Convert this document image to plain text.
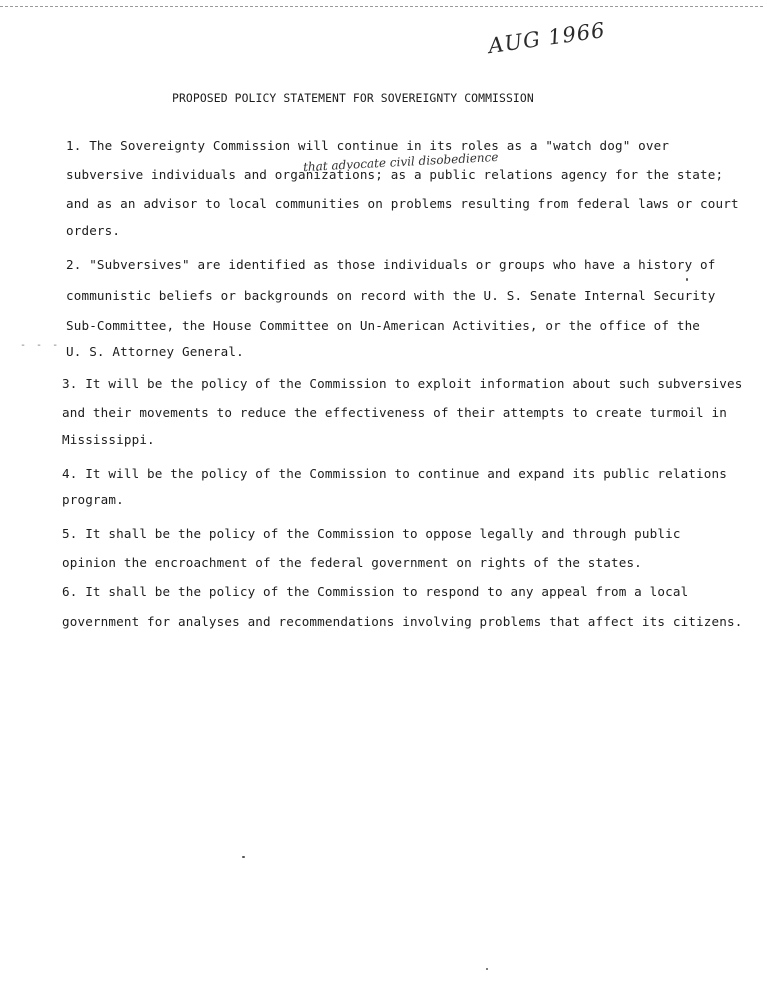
AUG 1966
PROPOSED POLICY STATEMENT FOR SOVEREIGNTY COMMISSION
that advocate civil disobedience
1. The Sovereignty Commission will continue in its roles as a "watch dog" over
subversive individuals and organizations; as a public relations agency for the state;
and as an advisor to local communities on problems resulting from federal laws or court
orders.
2. "Subversives" are identified as those individuals or groups who have a history of
communistic beliefs or backgrounds on record with the U. S. Senate Internal Security
Sub-Committee, the House Committee on Un-American Activities, or the office of the
U. S. Attorney General.
3. It will be the policy of the Commission to exploit information about such subversives
and their movements to reduce the effectiveness of their attempts to create turmoil in
Mississippi.
4. It will be the policy of the Commission to continue and expand its public relations
program.
5. It shall be the policy of the Commission to oppose legally and through public
opinion the encroachment of the federal government on rights of the states.
6. It shall be the policy of the Commission to respond to any appeal from a local
government for analyses and recommendations involving problems that affect its citizens.
- - -
